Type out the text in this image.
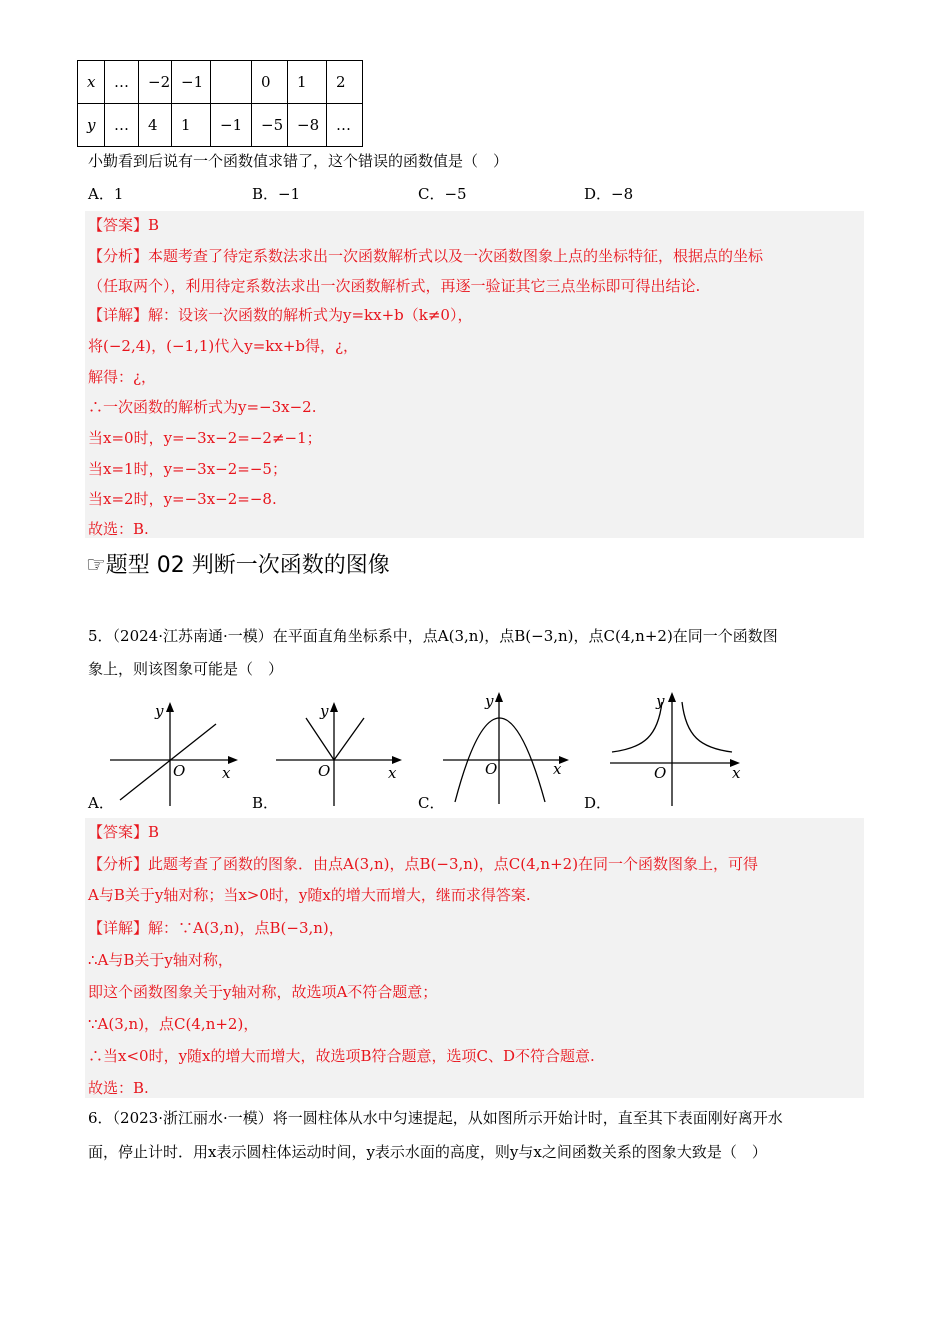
x	…	−2	−1		0	1	2
y	…	4	1	−1	−5	−8	…
小勤看到后说有一个函数值求错了，这个错误的函数值是（　）
A．1	B．−1	C．−5	D．−8
【答案】B
【分析】本题考查了待定系数法求出一次函数解析式以及一次函数图象上点的坐标特征，根据点的坐标
（任取两个），利用待定系数法求出一次函数解析式，再逐一验证其它三点坐标即可得出结论.
【详解】解：设该一次函数的解析式为y=kx+b（k≠0），
将(−2,4)，(−1,1)代入y=kx+b得，¿，
解得：¿，
∴一次函数的解析式为y=−3x−2.
当x=0时，y=−3x−2=−2≠−1；
当x=1时，y=−3x−2=−5；
当x=2时，y=−3x−2=−8.
故选：B.
☞题型 02 判断一次函数的图像
5．（2024·江苏南通·一模）在平面直角坐标系中，点A(3,n)，点B(−3,n)，点C(4,n+2)在同一个函数图
象上，则该图象可能是（　）
y
x
O
A．
y
x
O
B．
y
x
O
C．
y
x
O
D．
【答案】B
【分析】此题考查了函数的图象．由点A(3,n)，点B(−3,n)，点C(4,n+2)在同一个函数图象上，可得
A与B关于y轴对称；当x>0时，y随x的增大而增大，继而求得答案.
【详解】解：∵A(3,n)，点B(−3,n)，
∴A与B关于y轴对称，
即这个函数图象关于y轴对称，故选项A不符合题意；
∵A(3,n)，点C(4,n+2)，
∴当x<0时，y随x的增大而增大，故选项B符合题意，选项C、D不符合题意.
故选：B.
6．（2023·浙江丽水·一模）将一圆柱体从水中匀速提起，从如图所示开始计时，直至其下表面刚好离开水
面，停止计时．用x表示圆柱体运动时间，y表示水面的高度，则y与x之间函数关系的图象大致是（　）
